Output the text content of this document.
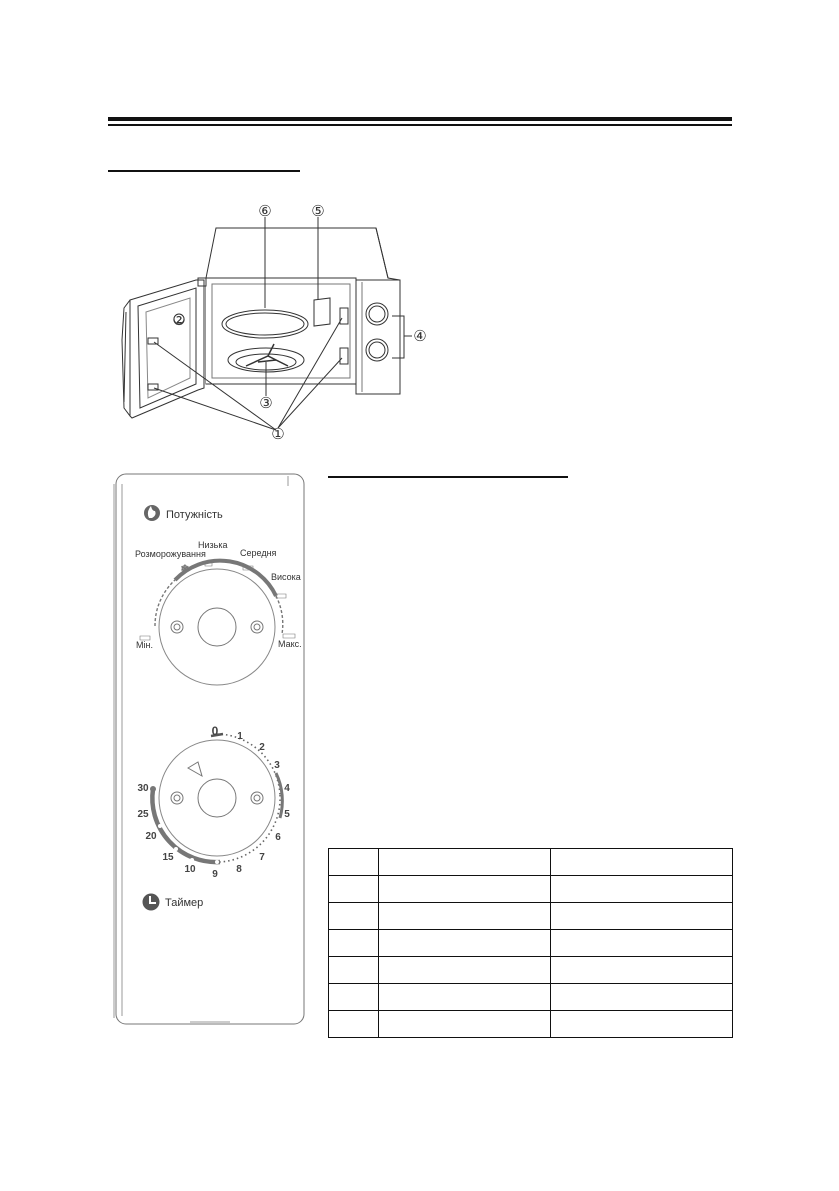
⑥	⑤
②
④
③
①
Потужність
❄
Розморожування
Низька
Середня
Висока
Мін.	Макс.
0 1
2
3
4
5
6
7
8
9
10
15
20
25
30
Таймер
